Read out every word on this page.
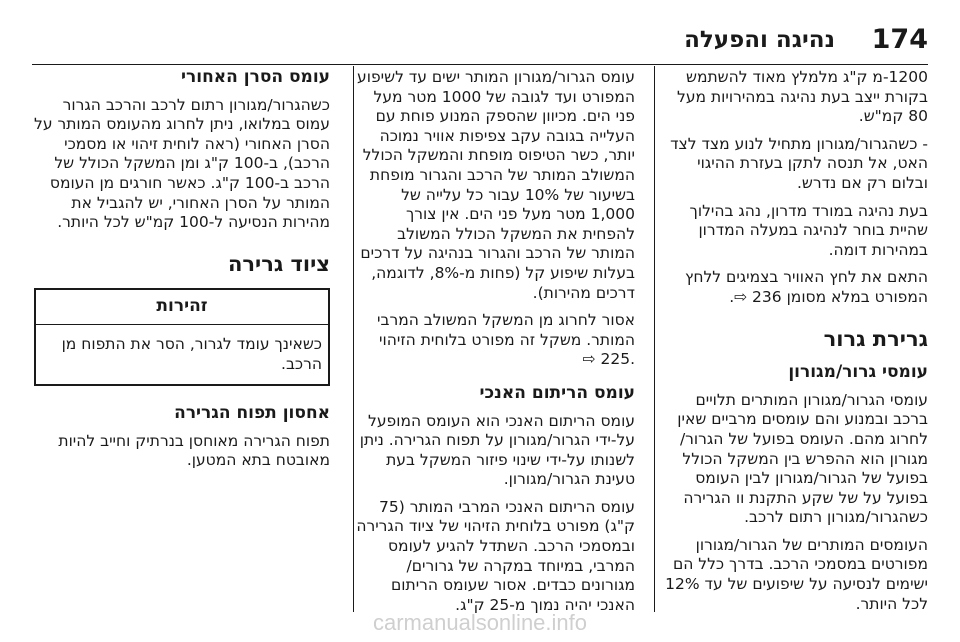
174
נהיגה והפעלה

1200-מ ק"ג מלמלץ מאוד להשתמש בקורת ייצב בעת נהיגה במהירויות מעל 80 קמ"ש.

- כשהגרור/מגורון מתחיל לנוע מצד לצד האט, אל תנסה לתקן בעזרת ההיגוי ובלום רק אם נדרש.

בעת נהיגה במורד מדרון, נהג בהילוך שהיית בוחר לנהיגה במעלה המדרון במהירות דומה.

התאם את לחץ האוויר בצמיגים ללחץ המפורט במלא מסומן 236 ⇨.

גרירת גרור
עומסי גרור/מגורון

עומסי הגרור/מגורון המותרים תלויים ברכב ובמנוע והם עומסים מרביים שאין לחרוג מהם. העומס בפועל של הגרור/ מגורון הוא ההפרש בין המשקל הכולל בפועל של הגרור/מגורון לבין העומס בפועל על של שקע התקנת וו הגרירה כשהגרור/מגורון רתום לרכב.

העומסים המותרים של הגרור/מגורון מפורטים במסמכי הרכב. בדרך כלל הם ישימים לנסיעה על שיפועים של עד 12% לכל היותר.

עומס הגרור/מגורון המותר ישים עד לשיפוע המפורט ועד לגובה של 1000 מטר מעל פני הים. מכיוון שהספק המנוע פוחת עם העלייה בגובה עקב צפיפות אוויר נמוכה יותר, כשר הטיפוס מופחת והמשקל הכולל המשולב המותר של הרכב והגרור מופחת בשיעור של 10% עבור כל עלייה של 1,000 מטר מעל פני הים. אין צורך להפחית את המשקל הכולל המשולב המותר של הרכב והגרור בנהיגה על דרכים בעלות שיפוע קל (פחות מ-8%, לדוגמה, דרכים מהירות).

אסור לחרוג מן המשקל המשולב המרבי המותר. משקל זה מפורט בלוחית הזיהוי .225 ⇨

עומס הריתום האנכי

עומס הריתום האנכי הוא העומס המופעל על-ידי הגרור/מגורון על תפוח הגרירה. ניתן לשנותו על-ידי שינוי פיזור המשקל בעת טעינת הגרור/מגורון.

עומס הריתום האנכי המרבי המותר (75 ק"ג) מפורט בלוחית הזיהוי של ציוד הגרירה ובמסמכי הרכב. השתדל להגיע לעומס המרבי, במיוחד במקרה של גרורים/ מגורונים כבדים. אסור שעומס הריתום האנכי יהיה נמוך מ-25 ק"ג.

עומס הסרן האחורי

כשהגרור/מגורון רתום לרכב והרכב הגרור עמוס במלואו, ניתן לחרוג מהעומס המותר על הסרן האחורי (ראה לוחית זיהוי או מסמכי הרכב), ב-100 ק"ג ומן המשקל הכולל של הרכב ב-100 ק"ג. כאשר חורגים מן העומס המותר על הסרן האחורי, יש להגביל את מהירות הנסיעה ל-100 קמ"ש לכל היותר.

ציוד גרירה
זהירות
כשאינך עומד לגרור, הסר את התפוח מן הרכב.
אחסון תפוח הגרירה

תפוח הגרירה מאוחסן בנרתיק וחייב להיות מאובטח בתא המטען.

carmanualsonline.info
